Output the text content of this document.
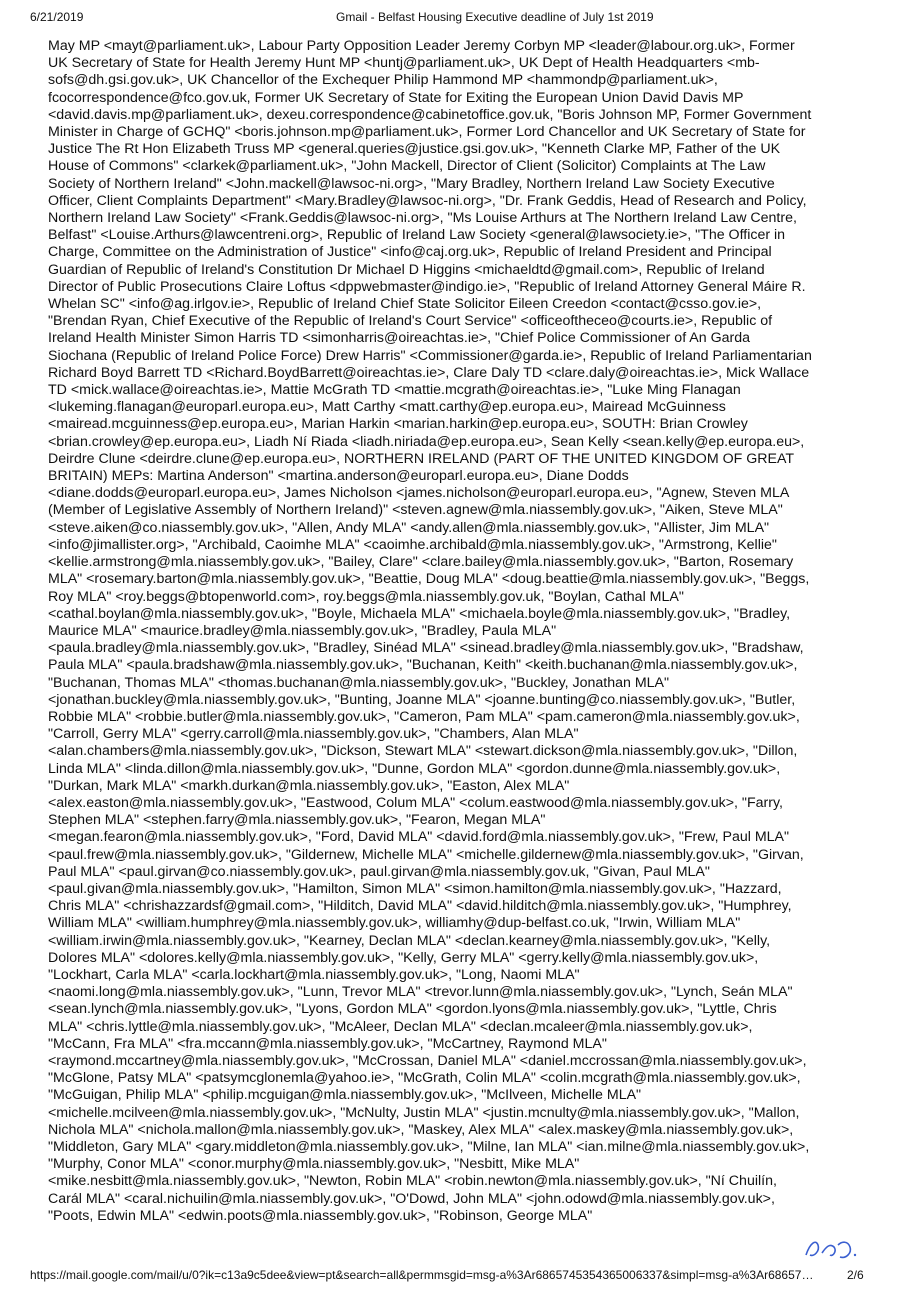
6/21/2019	Gmail - Belfast Housing Executive deadline of July 1st 2019
May MP <mayt@parliament.uk>, Labour Party Opposition Leader Jeremy Corbyn MP <leader@labour.org.uk>, Former
UK Secretary of State for Health Jeremy Hunt MP <huntj@parliament.uk>, UK Dept of Health Headquarters <mb-
sofs@dh.gsi.gov.uk>, UK Chancellor of the Exchequer Philip Hammond MP <hammondp@parliament.uk>,
fcocorrespondence@fco.gov.uk, Former UK Secretary of State for Exiting the European Union David Davis MP
<david.davis.mp@parliament.uk>, dexeu.correspondence@cabinetoffice.gov.uk, "Boris Johnson MP, Former Government
Minister in Charge of GCHQ" <boris.johnson.mp@parliament.uk>, Former Lord Chancellor and UK Secretary of State for
Justice The Rt Hon Elizabeth Truss MP <general.queries@justice.gsi.gov.uk>, "Kenneth Clarke MP, Father of the UK
House of Commons" <clarkek@parliament.uk>, "John Mackell, Director of Client (Solicitor) Complaints at The Law
Society of Northern Ireland" <John.mackell@lawsoc-ni.org>, "Mary Bradley, Northern Ireland Law Society Executive
Officer, Client Complaints Department" <Mary.Bradley@lawsoc-ni.org>, "Dr. Frank Geddis, Head of Research and Policy,
Northern Ireland Law Society" <Frank.Geddis@lawsoc-ni.org>, "Ms Louise Arthurs at The Northern Ireland Law Centre,
Belfast" <Louise.Arthurs@lawcentreni.org>, Republic of Ireland Law Society <general@lawsociety.ie>, "The Officer in
Charge, Committee on the Administration of Justice" <info@caj.org.uk>, Republic of Ireland President and Principal
Guardian of Republic of Ireland's Constitution Dr Michael D Higgins <michaeldtd@gmail.com>, Republic of Ireland
Director of Public Prosecutions Claire Loftus <dppwebmaster@indigo.ie>, "Republic of Ireland Attorney General Máire R.
Whelan SC" <info@ag.irlgov.ie>, Republic of Ireland Chief State Solicitor Eileen Creedon <contact@csso.gov.ie>,
"Brendan Ryan, Chief Executive of the Republic of Ireland's Court Service" <officeoftheceo@courts.ie>, Republic of
Ireland Health Minister Simon Harris TD <simonharris@oireachtas.ie>, "Chief Police Commissioner of An Garda
Siochana (Republic of Ireland Police Force) Drew Harris" <Commissioner@garda.ie>, Republic of Ireland Parliamentarian
Richard Boyd Barrett TD <Richard.BoydBarrett@oireachtas.ie>, Clare Daly TD <clare.daly@oireachtas.ie>, Mick Wallace
TD <mick.wallace@oireachtas.ie>, Mattie McGrath TD <mattie.mcgrath@oireachtas.ie>, "Luke Ming Flanagan
<lukeming.flanagan@europarl.europa.eu>, Matt Carthy <matt.carthy@ep.europa.eu>, Mairead McGuinness
<mairead.mcguinness@ep.europa.eu>, Marian Harkin <marian.harkin@ep.europa.eu>, SOUTH: Brian Crowley
<brian.crowley@ep.europa.eu>, Liadh Ní Riada <liadh.niriada@ep.europa.eu>, Sean Kelly <sean.kelly@ep.europa.eu>,
Deirdre Clune <deirdre.clune@ep.europa.eu>, NORTHERN IRELAND (PART OF THE UNITED KINGDOM OF GREAT
BRITAIN) MEPs: Martina Anderson" <martina.anderson@europarl.europa.eu>, Diane Dodds
<diane.dodds@europarl.europa.eu>, James Nicholson <james.nicholson@europarl.europa.eu>, "Agnew, Steven MLA
(Member of Legislative Assembly of Northern Ireland)" <steven.agnew@mla.niassembly.gov.uk>, "Aiken, Steve MLA"
<steve.aiken@co.niassembly.gov.uk>, "Allen, Andy MLA" <andy.allen@mla.niassembly.gov.uk>, "Allister, Jim MLA"
<info@jimallister.org>, "Archibald, Caoimhe MLA" <caoimhe.archibald@mla.niassembly.gov.uk>, "Armstrong, Kellie"
<kellie.armstrong@mla.niassembly.gov.uk>, "Bailey, Clare" <clare.bailey@mla.niassembly.gov.uk>, "Barton, Rosemary
MLA" <rosemary.barton@mla.niassembly.gov.uk>, "Beattie, Doug MLA" <doug.beattie@mla.niassembly.gov.uk>, "Beggs,
Roy MLA" <roy.beggs@btopenworld.com>, roy.beggs@mla.niassembly.gov.uk, "Boylan, Cathal MLA"
<cathal.boylan@mla.niassembly.gov.uk>, "Boyle, Michaela MLA" <michaela.boyle@mla.niassembly.gov.uk>, "Bradley,
Maurice MLA" <maurice.bradley@mla.niassembly.gov.uk>, "Bradley, Paula MLA"
<paula.bradley@mla.niassembly.gov.uk>, "Bradley, Sinéad MLA" <sinead.bradley@mla.niassembly.gov.uk>, "Bradshaw,
Paula MLA" <paula.bradshaw@mla.niassembly.gov.uk>, "Buchanan, Keith" <keith.buchanan@mla.niassembly.gov.uk>,
"Buchanan, Thomas MLA" <thomas.buchanan@mla.niassembly.gov.uk>, "Buckley, Jonathan MLA"
<jonathan.buckley@mla.niassembly.gov.uk>, "Bunting, Joanne MLA" <joanne.bunting@co.niassembly.gov.uk>, "Butler,
Robbie MLA" <robbie.butler@mla.niassembly.gov.uk>, "Cameron, Pam MLA" <pam.cameron@mla.niassembly.gov.uk>,
"Carroll, Gerry MLA" <gerry.carroll@mla.niassembly.gov.uk>, "Chambers, Alan MLA"
<alan.chambers@mla.niassembly.gov.uk>, "Dickson, Stewart MLA" <stewart.dickson@mla.niassembly.gov.uk>, "Dillon,
Linda MLA" <linda.dillon@mla.niassembly.gov.uk>, "Dunne, Gordon MLA" <gordon.dunne@mla.niassembly.gov.uk>,
"Durkan, Mark MLA" <markh.durkan@mla.niassembly.gov.uk>, "Easton, Alex MLA"
<alex.easton@mla.niassembly.gov.uk>, "Eastwood, Colum MLA" <colum.eastwood@mla.niassembly.gov.uk>, "Farry,
Stephen MLA" <stephen.farry@mla.niassembly.gov.uk>, "Fearon, Megan MLA"
<megan.fearon@mla.niassembly.gov.uk>, "Ford, David MLA" <david.ford@mla.niassembly.gov.uk>, "Frew, Paul MLA"
<paul.frew@mla.niassembly.gov.uk>, "Gildernew, Michelle MLA" <michelle.gildernew@mla.niassembly.gov.uk>, "Girvan,
Paul MLA" <paul.girvan@co.niassembly.gov.uk>, paul.girvan@mla.niassembly.gov.uk, "Givan, Paul MLA"
<paul.givan@mla.niassembly.gov.uk>, "Hamilton, Simon MLA" <simon.hamilton@mla.niassembly.gov.uk>, "Hazzard,
Chris MLA" <chrishazzardsf@gmail.com>, "Hilditch, David MLA" <david.hilditch@mla.niassembly.gov.uk>, "Humphrey,
William MLA" <william.humphrey@mla.niassembly.gov.uk>, williamhy@dup-belfast.co.uk, "Irwin, William MLA"
<william.irwin@mla.niassembly.gov.uk>, "Kearney, Declan MLA" <declan.kearney@mla.niassembly.gov.uk>, "Kelly,
Dolores MLA" <dolores.kelly@mla.niassembly.gov.uk>, "Kelly, Gerry MLA" <gerry.kelly@mla.niassembly.gov.uk>,
"Lockhart, Carla MLA" <carla.lockhart@mla.niassembly.gov.uk>, "Long, Naomi MLA"
<naomi.long@mla.niassembly.gov.uk>, "Lunn, Trevor MLA" <trevor.lunn@mla.niassembly.gov.uk>, "Lynch, Seán MLA"
<sean.lynch@mla.niassembly.gov.uk>, "Lyons, Gordon MLA" <gordon.lyons@mla.niassembly.gov.uk>, "Lyttle, Chris
MLA" <chris.lyttle@mla.niassembly.gov.uk>, "McAleer, Declan MLA" <declan.mcaleer@mla.niassembly.gov.uk>,
"McCann, Fra MLA" <fra.mccann@mla.niassembly.gov.uk>, "McCartney, Raymond MLA"
<raymond.mccartney@mla.niassembly.gov.uk>, "McCrossan, Daniel MLA" <daniel.mccrossan@mla.niassembly.gov.uk>,
"McGlone, Patsy MLA" <patsymcglonemla@yahoo.ie>, "McGrath, Colin MLA" <colin.mcgrath@mla.niassembly.gov.uk>,
"McGuigan, Philip MLA" <philip.mcguigan@mla.niassembly.gov.uk>, "McIlveen, Michelle MLA"
<michelle.mcilveen@mla.niassembly.gov.uk>, "McNulty, Justin MLA" <justin.mcnulty@mla.niassembly.gov.uk>, "Mallon,
Nichola MLA" <nichola.mallon@mla.niassembly.gov.uk>, "Maskey, Alex MLA" <alex.maskey@mla.niassembly.gov.uk>,
"Middleton, Gary MLA" <gary.middleton@mla.niassembly.gov.uk>, "Milne, Ian MLA" <ian.milne@mla.niassembly.gov.uk>,
"Murphy, Conor MLA" <conor.murphy@mla.niassembly.gov.uk>, "Nesbitt, Mike MLA"
<mike.nesbitt@mla.niassembly.gov.uk>, "Newton, Robin MLA" <robin.newton@mla.niassembly.gov.uk>, "Ní Chuilín,
Carál MLA" <caral.nichuilin@mla.niassembly.gov.uk>, "O'Dowd, John MLA" <john.odowd@mla.niassembly.gov.uk>,
"Poots, Edwin MLA" <edwin.poots@mla.niassembly.gov.uk>, "Robinson, George MLA"
https://mail.google.com/mail/u/0?ik=c13a9c5dee&view=pt&search=all&permmsgid=msg-a%3Ar6865745354365006337&simpl=msg-a%3Ar68657…	2/6
